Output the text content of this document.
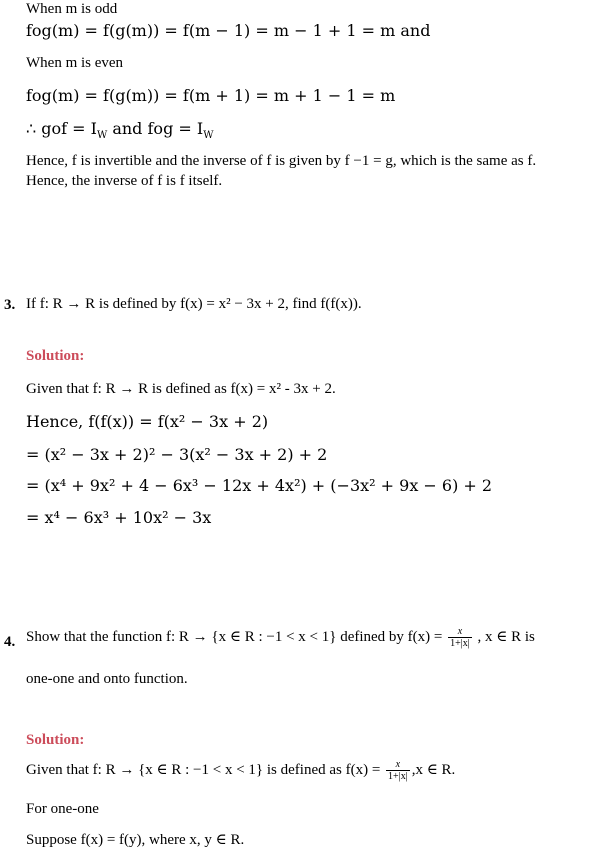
When m is odd
fog(m) = f(g(m)) = f(m − 1) = m − 1 + 1 = m and
When m is even
fog(m) = f(g(m)) = f(m + 1) = m + 1 − 1 = m
∴ gof = $I_W$ and fog = $I_W$
Hence, f is invertible and the inverse of f is given by f −1 = g, which is the same as f.
Hence, the inverse of f is f itself.
3. If f: R → R is defined by f(x) = x² − 3x + 2, find f(f(x)).
Solution:
Given that f: R → R is defined as f(x) = x² - 3x + 2.
Hence, f(f(x)) = f(x² − 3x + 2)
= (x² − 3x + 2)² − 3(x² − 3x + 2) + 2
= (x⁴ + 9x² + 4 − 6x³ − 12x + 4x²) + (−3x² + 9x − 6) + 2
= x⁴ − 6x³ + 10x² − 3x
4. Show that the function f: R → {x ∈ R : −1 < x < 1} defined by $f(x) = \frac{x}{1+|x|}$ , x ∈ R is
one-one and onto function.
Solution:
Given that f: R → {x ∈ R : −1 < x < 1} is defined as $f(x) = \frac{x}{1+|x|} ,x$ ∈ R.
For one-one
Suppose f(x) = f(y), where x, y ∈ R.
